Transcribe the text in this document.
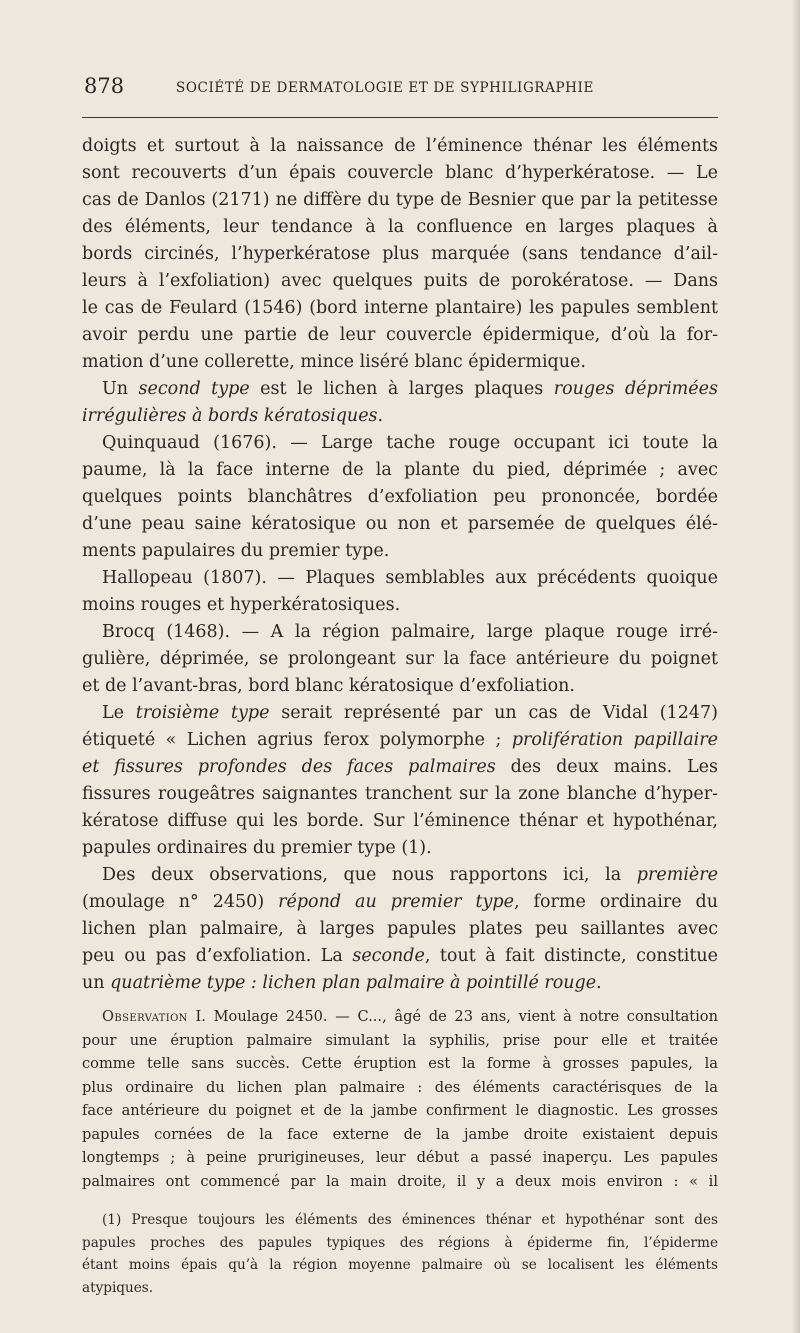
878	SOCIÉTÉ DE DERMATOLOGIE ET DE SYPHILIGRAPHIE
doigts et surtout à la naissance de l’éminence thénar les éléments
sont recouverts d’un épais couvercle blanc d’hyperkératose. — Le
cas de Danlos (2171) ne diffère du type de Besnier que par la petitesse
des éléments, leur tendance à la confluence en larges plaques à
bords circinés, l’hyperkératose plus marquée (sans tendance d’ail-
leurs à l’exfoliation) avec quelques puits de porokératose. — Dans
le cas de Feulard (1546) (bord interne plantaire) les papules semblent
avoir perdu une partie de leur couvercle épidermique, d’où la for-
mation d’une collerette, mince liséré blanc épidermique.
Un second type est le lichen à larges plaques rouges déprimées
irrégulières à bords kératosiques.
Quinquaud (1676). — Large tache rouge occupant ici toute la
paume, là la face interne de la plante du pied, déprimée ; avec
quelques points blanchâtres d’exfoliation peu prononcée, bordée
d’une peau saine kératosique ou non et parsemée de quelques élé-
ments papulaires du premier type.
Hallopeau (1807). — Plaques semblables aux précédents quoique
moins rouges et hyperkératosiques.
Brocq (1468). — A la région palmaire, large plaque rouge irré-
gulière, déprimée, se prolongeant sur la face antérieure du poignet
et de l’avant-bras, bord blanc kératosique d’exfoliation.
Le troisième type serait représenté par un cas de Vidal (1247)
étiqueté « Lichen agrius ferox polymorphe ; prolifération papillaire
et fissures profondes des faces palmaires des deux mains. Les
fissures rougeâtres saignantes tranchent sur la zone blanche d’hyper-
kératose diffuse qui les borde. Sur l’éminence thénar et hypothénar,
papules ordinaires du premier type (1).
Des deux observations, que nous rapportons ici, la première
(moulage n° 2450) répond au premier type, forme ordinaire du
lichen plan palmaire, à larges papules plates peu saillantes avec
peu ou pas d’exfoliation. La seconde, tout à fait distincte, constitue
un quatrième type : lichen plan palmaire à pointillé rouge.
Observation I. Moulage 2450. — C..., âgé de 23 ans, vient à notre consultation
pour une éruption palmaire simulant la syphilis, prise pour elle et traitée
comme telle sans succès. Cette éruption est la forme à grosses papules, la
plus ordinaire du lichen plan palmaire : des éléments caractérisques de la
face antérieure du poignet et de la jambe confirment le diagnostic. Les grosses
papules cornées de la face externe de la jambe droite existaient depuis
longtemps ; à peine prurigineuses, leur début a passé inaperçu. Les papules
palmaires ont commencé par la main droite, il y a deux mois environ : « il
(1) Presque toujours les éléments des éminences thénar et hypothénar sont des
papules proches des papules typiques des régions à épiderme fin, l’épiderme
étant moins épais qu’à la région moyenne palmaire où se localisent les éléments
atypiques.
